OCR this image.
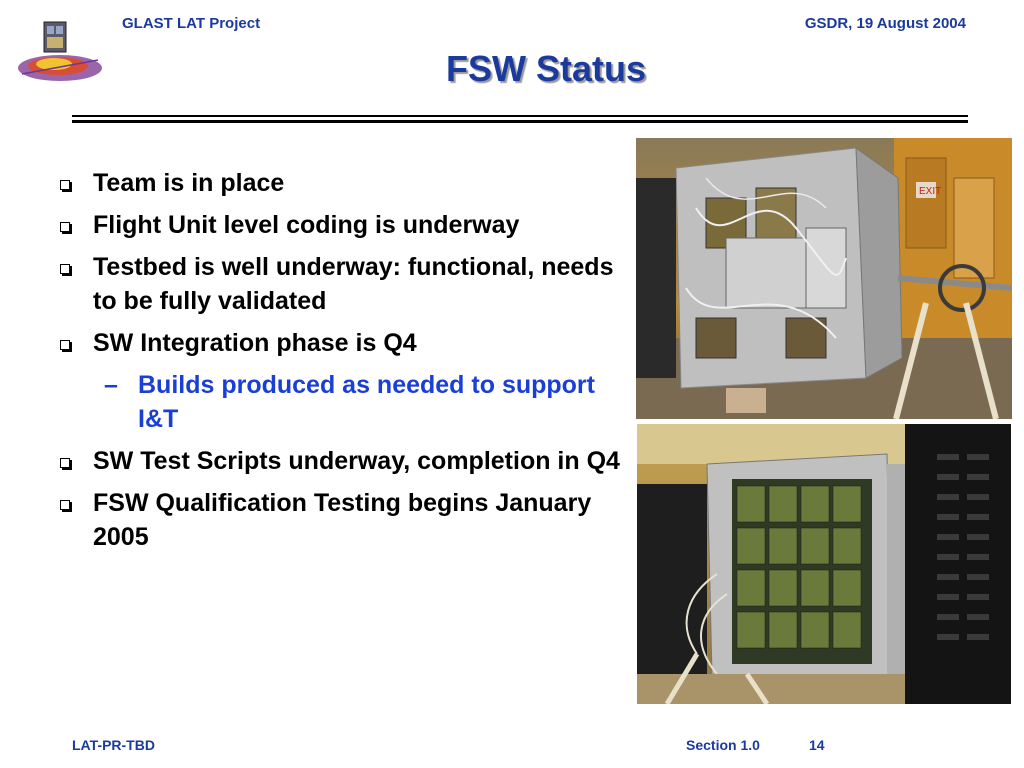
GLAST LAT Project	GSDR, 19 August 2004
FSW Status
Team is in place
Flight Unit level coding is underway
Testbed is well underway: functional, needs to be fully validated
SW Integration phase is Q4
– Builds produced as needed to support I&T
SW Test Scripts underway, completion in Q4
FSW Qualification Testing begins January 2005
EXIT
LAT-PR-TBD	Section 1.0	14
